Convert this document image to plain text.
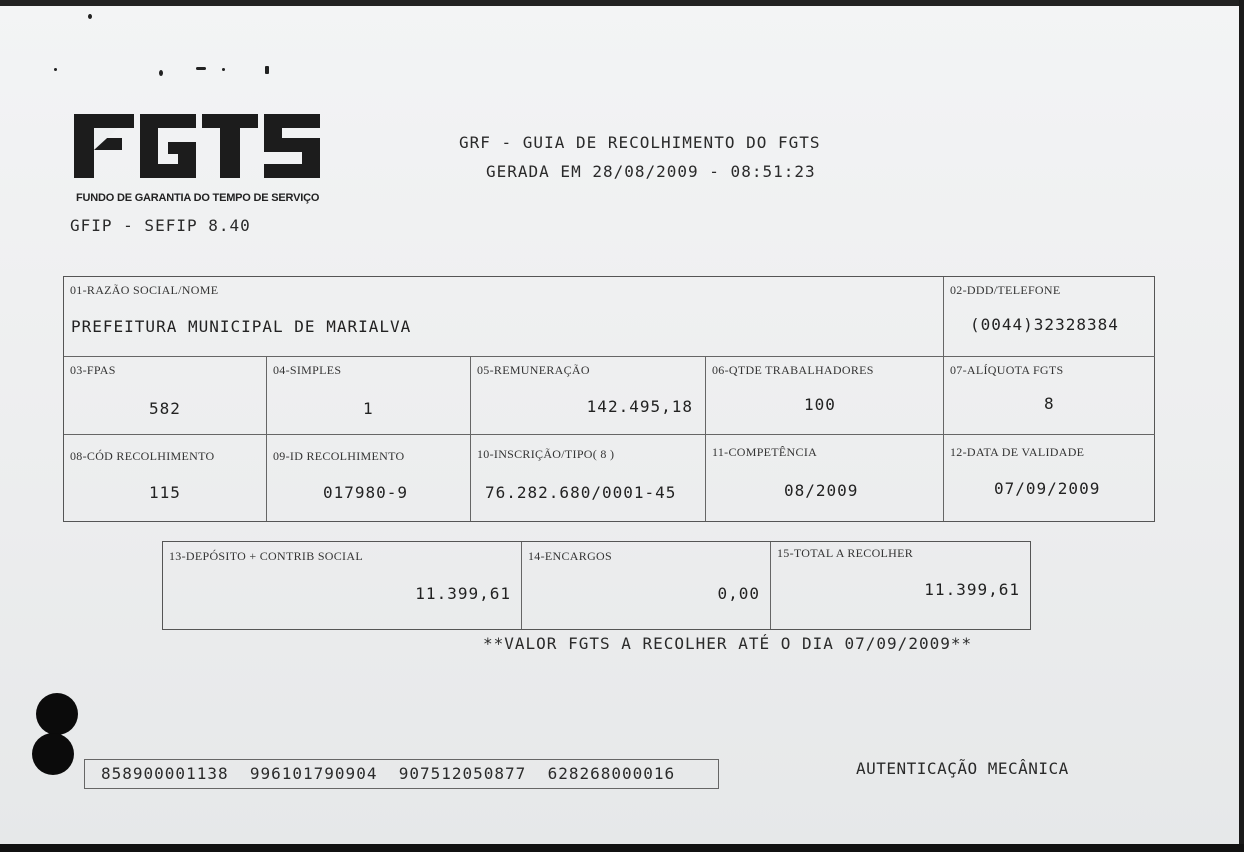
FUNDO DE GARANTIA DO TEMPO DE SERVIÇO
GFIP - SEFIP 8.40
GRF - GUIA DE RECOLHIMENTO DO FGTS
GERADA EM 28/08/2009 - 08:51:23
01-RAZÃO SOCIAL/NOME
PREFEITURA MUNICIPAL DE MARIALVA
02-DDD/TELEFONE
(0044)32328384
03-FPAS
582
04-SIMPLES
1
05-REMUNERAÇÃO
142.495,18
06-QTDE TRABALHADORES
100
07-ALÍQUOTA FGTS
8
08-CÓD RECOLHIMENTO
115
09-ID RECOLHIMENTO
017980-9
10-INSCRIÇÃO/TIPO( 8 )
76.282.680/0001-45
11-COMPETÊNCIA
08/2009
12-DATA DE VALIDADE
07/09/2009
13-DEPÓSITO + CONTRIB SOCIAL
11.399,61
14-ENCARGOS
0,00
15-TOTAL A RECOLHER
11.399,61
**VALOR FGTS A RECOLHER ATÉ O DIA 07/09/2009**
858900001138  996101790904  907512050877  628268000016	AUTENTICAÇÃO MECÂNICA
